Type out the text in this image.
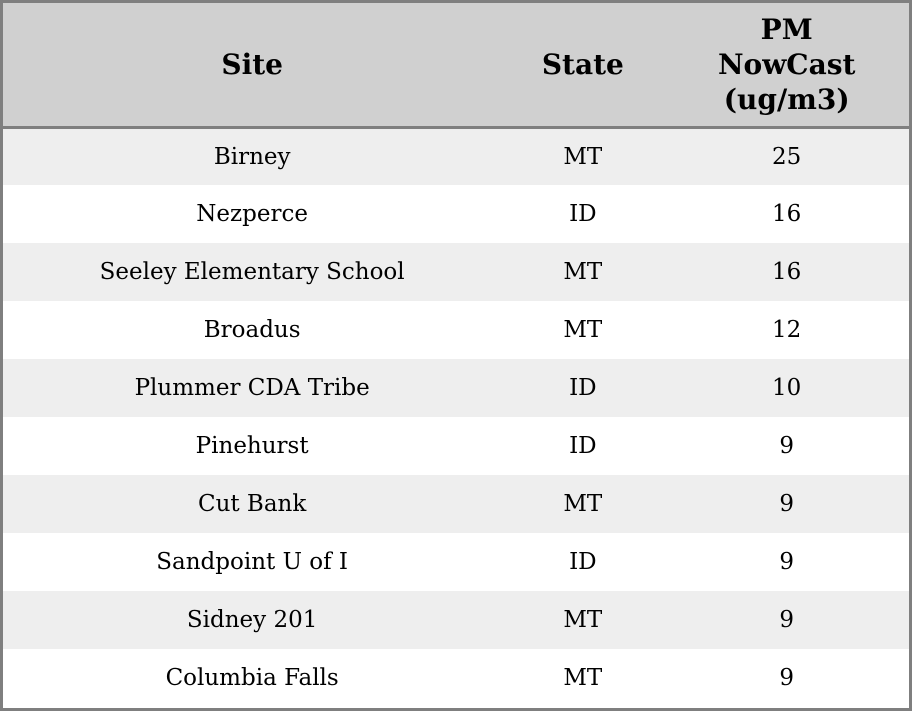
Site	State	PM NowCast (ug/m3)
Birney	MT	25
Nezperce	ID	16
Seeley Elementary School	MT	16
Broadus	MT	12
Plummer CDA Tribe	ID	10
Pinehurst	ID	9
Cut Bank	MT	9
Sandpoint U of I	ID	9
Sidney 201	MT	9
Columbia Falls	MT	9
